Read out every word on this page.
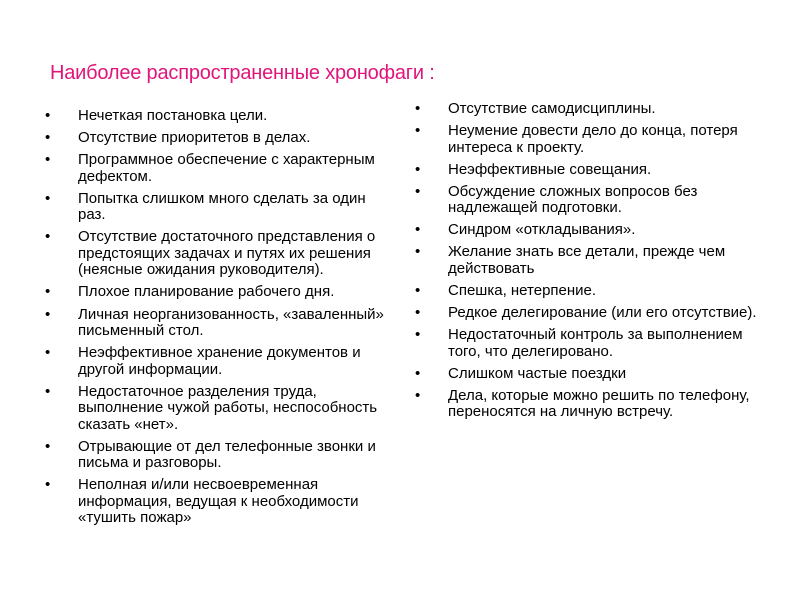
Наиболее распространенные хронофаги :
• Нечеткая постановка цели.
• Отсутствие приоритетов в делах.
• Программное обеспечение с характерным дефектом.
• Попытка слишком много сделать за один раз.
• Отсутствие достаточного представления о предстоящих задачах и путях их решения (неясные ожидания руководителя).
• Плохое планирование рабочего дня.
• Личная неорганизованность, «заваленный» письменный стол.
• Неэффективное хранение документов и другой информации.
• Недостаточное разделения труда, выполнение чужой работы, неспособность сказать «нет».
• Отрывающие от дел телефонные звонки и письма и разговоры.
• Неполная и/или несвоевременная информация, ведущая к необходимости «тушить пожар»
• Отсутствие самодисциплины.
• Неумение довести дело до конца, потеря интереса к проекту.
• Неэффективные совещания.
• Обсуждение сложных вопросов без надлежащей подготовки.
• Синдром «откладывания».
• Желание знать все детали, прежде чем действовать
• Спешка, нетерпение.
• Редкое делегирование (или его отсутствие).
• Недостаточный контроль за выполнением того, что делегировано.
• Слишком частые поездки
• Дела, которые можно решить по телефону, переносятся на личную встречу.
